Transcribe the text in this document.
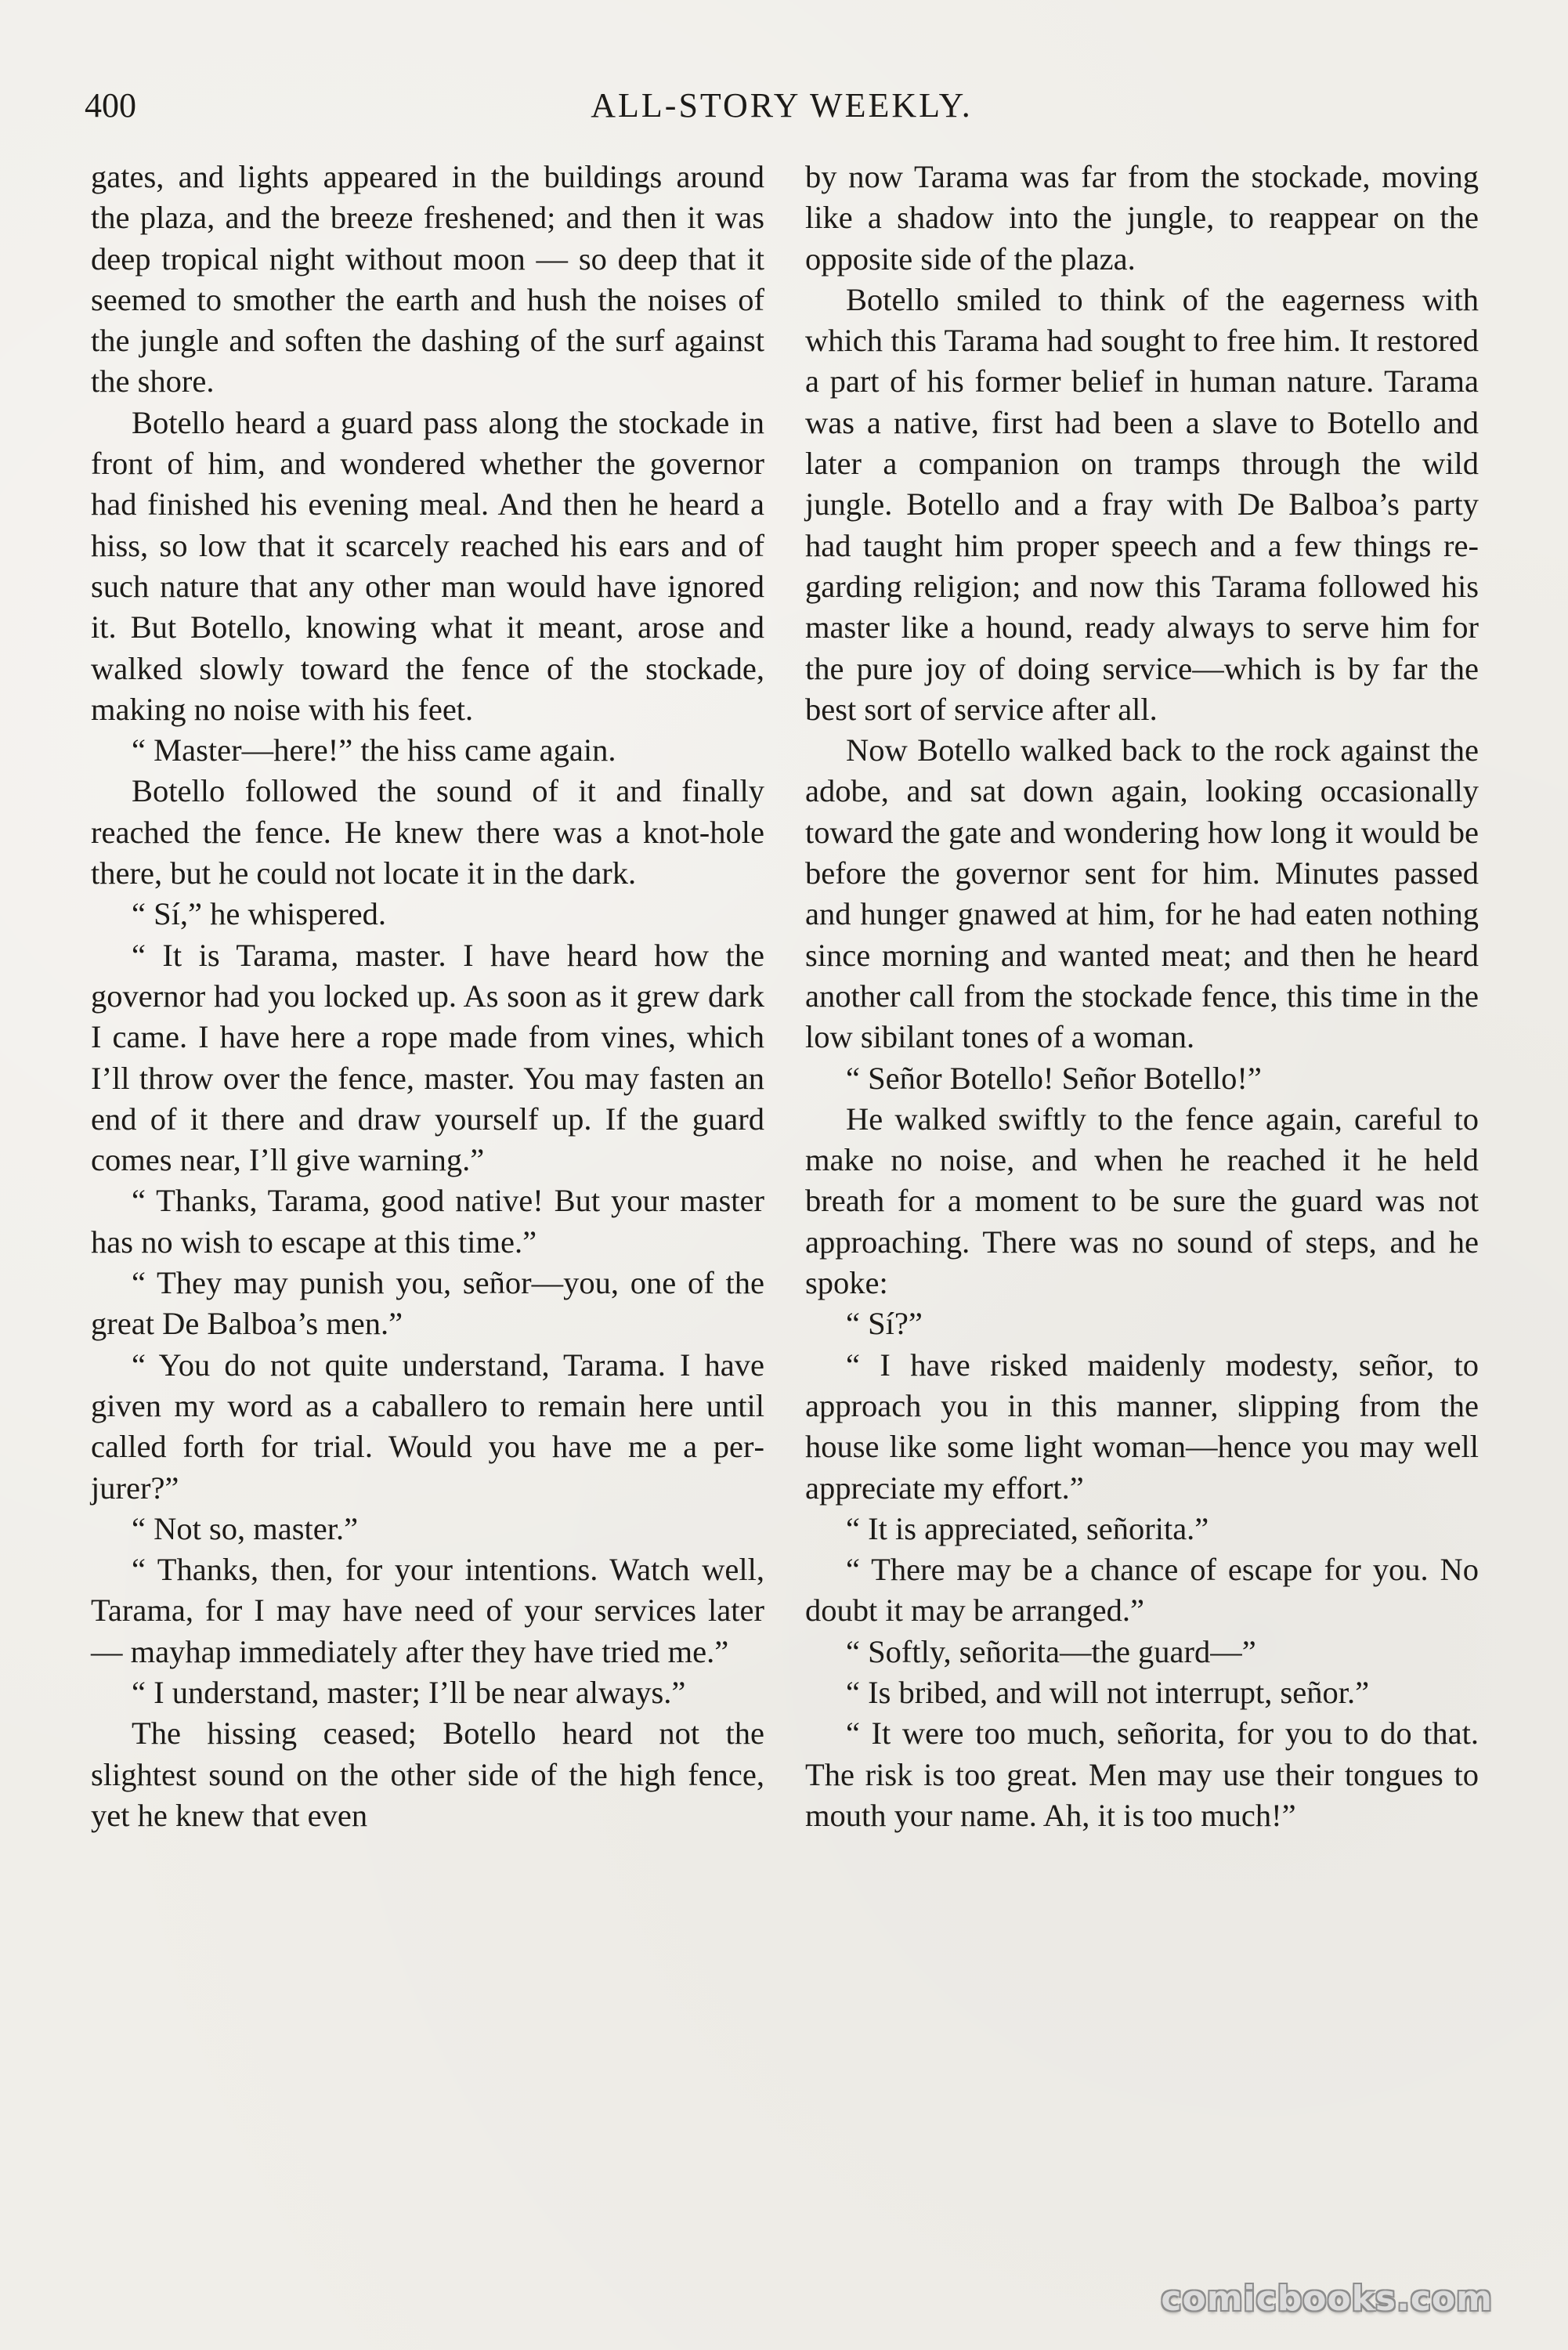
400	ALL-STORY WEEKLY.

gates, and lights appeared in the buildings around the plaza, and the breeze freshened; and then it was deep tropical night without moon — so deep that it seemed to smother the earth and hush the noises of the jungle and soften the dashing of the surf against the shore.

Botello heard a guard pass along the stockade in front of him, and wondered whether the governor had finished his evening meal. And then he heard a hiss, so low that it scarcely reached his ears and of such nature that any other man would have ignored it. But Botello, knowing what it meant, arose and walked slowly toward the fence of the stockade, making no noise with his feet.

“ Master—here!” the hiss came again.

Botello followed the sound of it and finally reached the fence. He knew there was a knot-hole there, but he could not locate it in the dark.

“ Sí,” he whispered.

“ It is Tarama, master. I have heard how the governor had you locked up. As soon as it grew dark I came. I have here a rope made from vines, which I’ll throw over the fence, master. You may fasten an end of it there and draw yourself up. If the guard comes near, I’ll give warning.”

“ Thanks, Tarama, good native! But your master has no wish to escape at this time.”

“ They may punish you, señor—you, one of the great De Balboa’s men.”

“ You do not quite understand, Tarama. I have given my word as a caballero to remain here until called forth for trial. Would you have me a perjurer?”

“ Not so, master.”

“ Thanks, then, for your intentions. Watch well, Tarama, for I may have need of your services later — mayhap immediately after they have tried me.”

“ I understand, master; I’ll be near always.”

The hissing ceased; Botello heard not the slightest sound on the other side of the high fence, yet he knew that even

by now Tarama was far from the stockade, moving like a shadow into the jungle, to reappear on the opposite side of the plaza.

Botello smiled to think of the eagerness with which this Tarama had sought to free him. It restored a part of his former belief in human nature. Tarama was a native, first had been a slave to Botello and later a companion on tramps through the wild jungle. Botello and a fray with De Balboa’s party had taught him proper speech and a few things regarding religion; and now this Tarama followed his master like a hound, ready always to serve him for the pure joy of doing service—which is by far the best sort of service after all.

Now Botello walked back to the rock against the adobe, and sat down again, looking occasionally toward the gate and wondering how long it would be before the governor sent for him. Minutes passed and hunger gnawed at him, for he had eaten nothing since morning and wanted meat; and then he heard another call from the stockade fence, this time in the low sibilant tones of a woman.

“ Señor Botello! Señor Botello!”

He walked swiftly to the fence again, careful to make no noise, and when he reached it he held breath for a moment to be sure the guard was not approaching. There was no sound of steps, and he spoke:

“ Sí?”

“ I have risked maidenly modesty, señor, to approach you in this manner, slipping from the house like some light woman—hence you may well appreciate my effort.”

“ It is appreciated, señorita.”

“ There may be a chance of escape for you. No doubt it may be arranged.”

“ Softly, señorita—the guard—”

“ Is bribed, and will not interrupt, señor.”

“ It were too much, señorita, for you to do that. The risk is too great. Men may use their tongues to mouth your name. Ah, it is too much!”

comicbooks.com
